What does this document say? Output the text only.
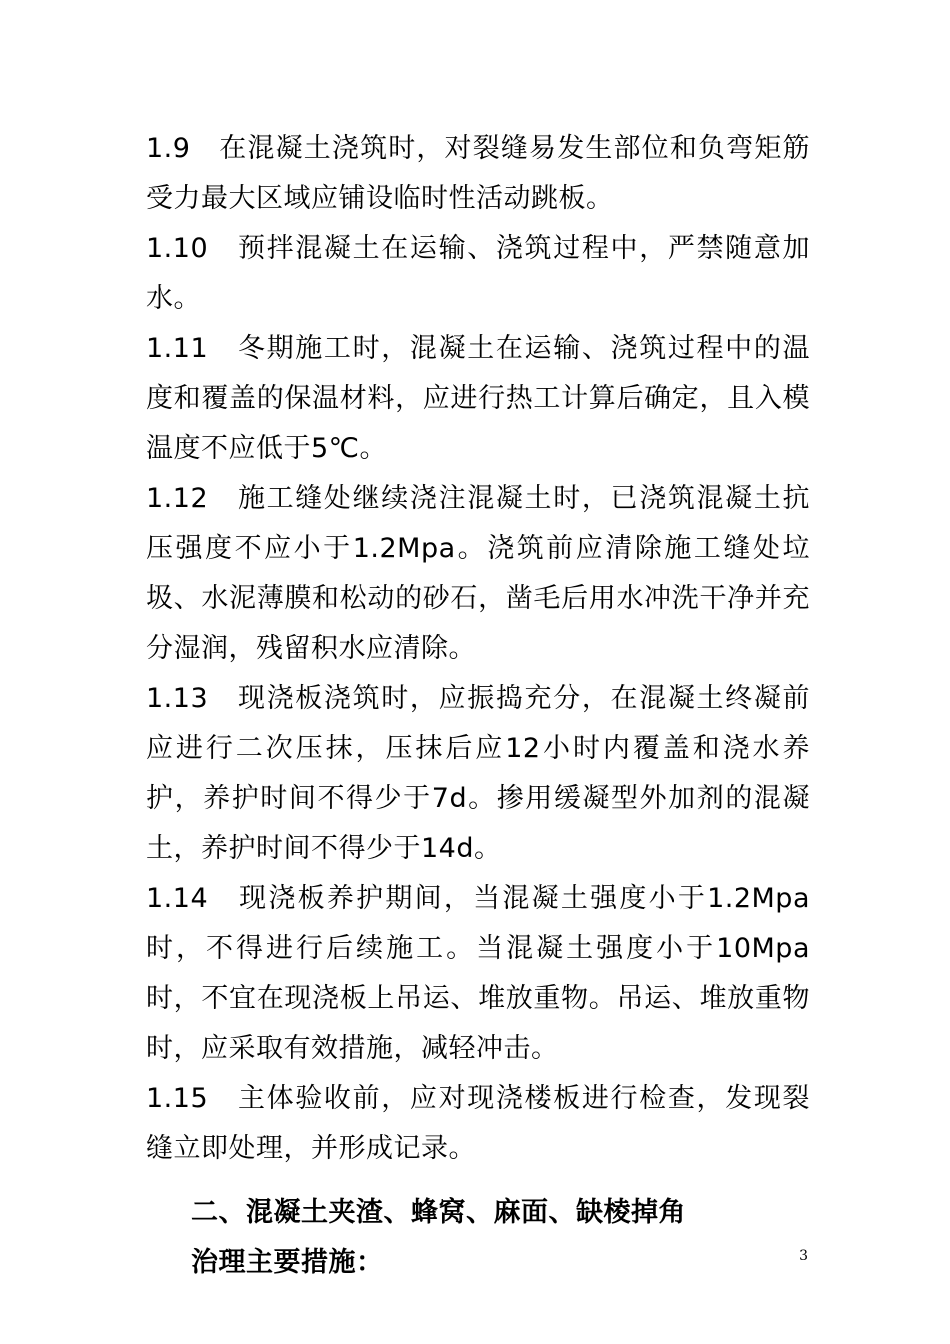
1.9　在混凝土浇筑时，对裂缝易发生部位和负弯矩筋受力最大区域应铺设临时性活动跳板。

1.10　预拌混凝土在运输、浇筑过程中，严禁随意加水。

1.11　冬期施工时，混凝土在运输、浇筑过程中的温度和覆盖的保温材料，应进行热工计算后确定，且入模温度不应低于5℃。

1.12　施工缝处继续浇注混凝土时，已浇筑混凝土抗压强度不应小于1.2Mpa。浇筑前应清除施工缝处垃圾、水泥薄膜和松动的砂石，凿毛后用水冲洗干净并充分湿润，残留积水应清除。

1.13　现浇板浇筑时，应振捣充分，在混凝土终凝前应进行二次压抹，压抹后应12小时内覆盖和浇水养护，养护时间不得少于7d。掺用缓凝型外加剂的混凝土，养护时间不得少于14d。

1.14　现浇板养护期间，当混凝土强度小于1.2Mpa时，不得进行后续施工。当混凝土强度小于10Mpa时，不宜在现浇板上吊运、堆放重物。吊运、堆放重物时，应采取有效措施，减轻冲击。

1.15　主体验收前，应对现浇楼板进行检查，发现裂缝立即处理，并形成记录。

二、混凝土夹渣、蜂窝、麻面、缺棱掉角

治理主要措施：	3
